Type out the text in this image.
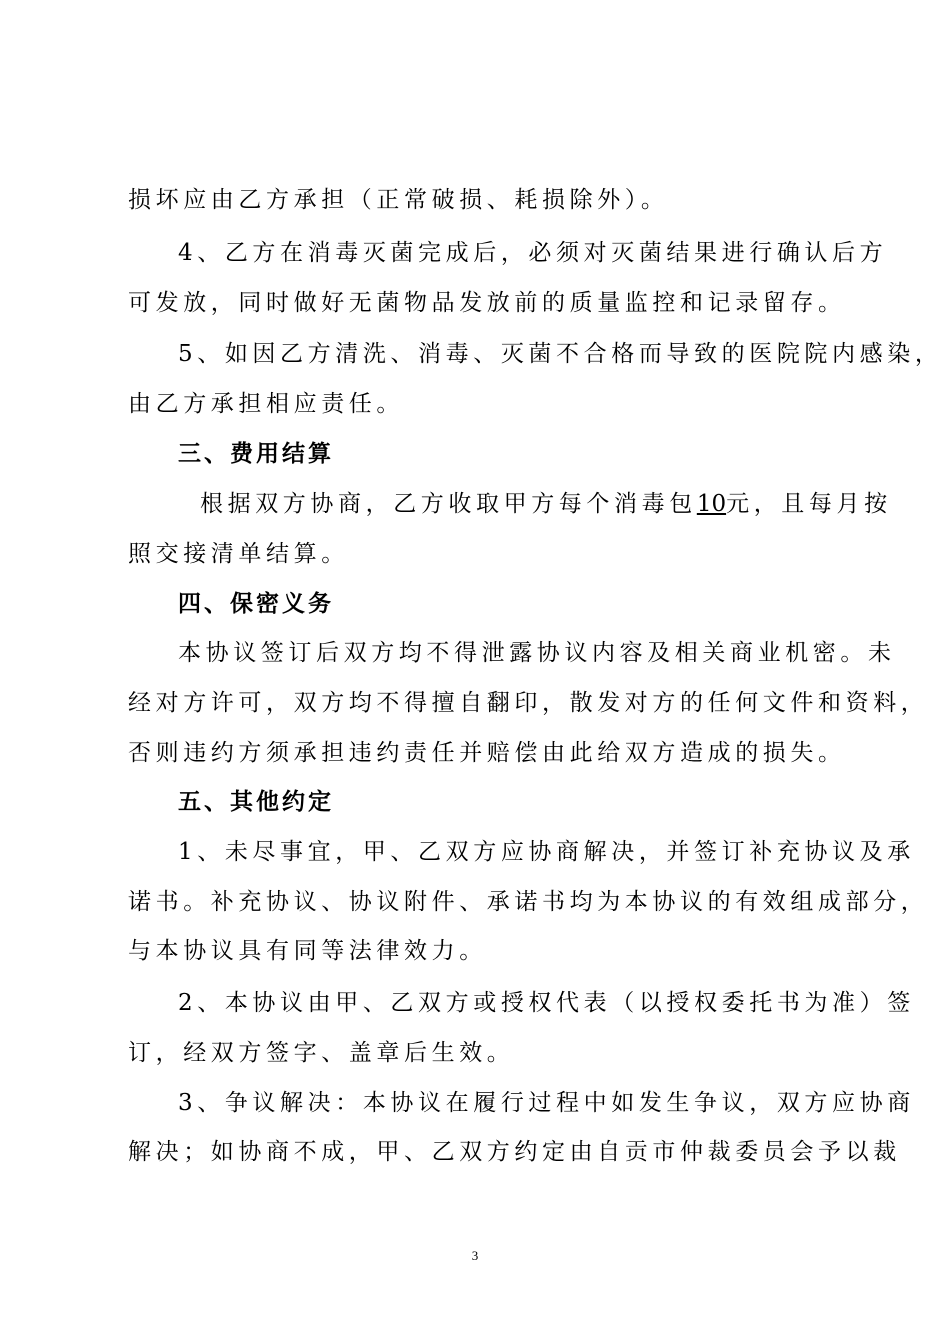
损坏应由乙方承担（正常破损、耗损除外）。
4、乙方在消毒灭菌完成后，必须对灭菌结果进行确认后方
可发放，同时做好无菌物品发放前的质量监控和记录留存。
5、如因乙方清洗、消毒、灭菌不合格而导致的医院院内感染，
由乙方承担相应责任。
三、费用结算
根据双方协商，乙方收取甲方每个消毒包10元，且每月按
照交接清单结算。
四、保密义务
本协议签订后双方均不得泄露协议内容及相关商业机密。未
经对方许可，双方均不得擅自翻印，散发对方的任何文件和资料，
否则违约方须承担违约责任并赔偿由此给双方造成的损失。
五、其他约定
1、未尽事宜，甲、乙双方应协商解决，并签订补充协议及承
诺书。补充协议、协议附件、承诺书均为本协议的有效组成部分，
与本协议具有同等法律效力。
2、本协议由甲、乙双方或授权代表（以授权委托书为准）签
订，经双方签字、盖章后生效。
3、争议解决：本协议在履行过程中如发生争议，双方应协商
解决；如协商不成，甲、乙双方约定由自贡市仲裁委员会予以裁
3
